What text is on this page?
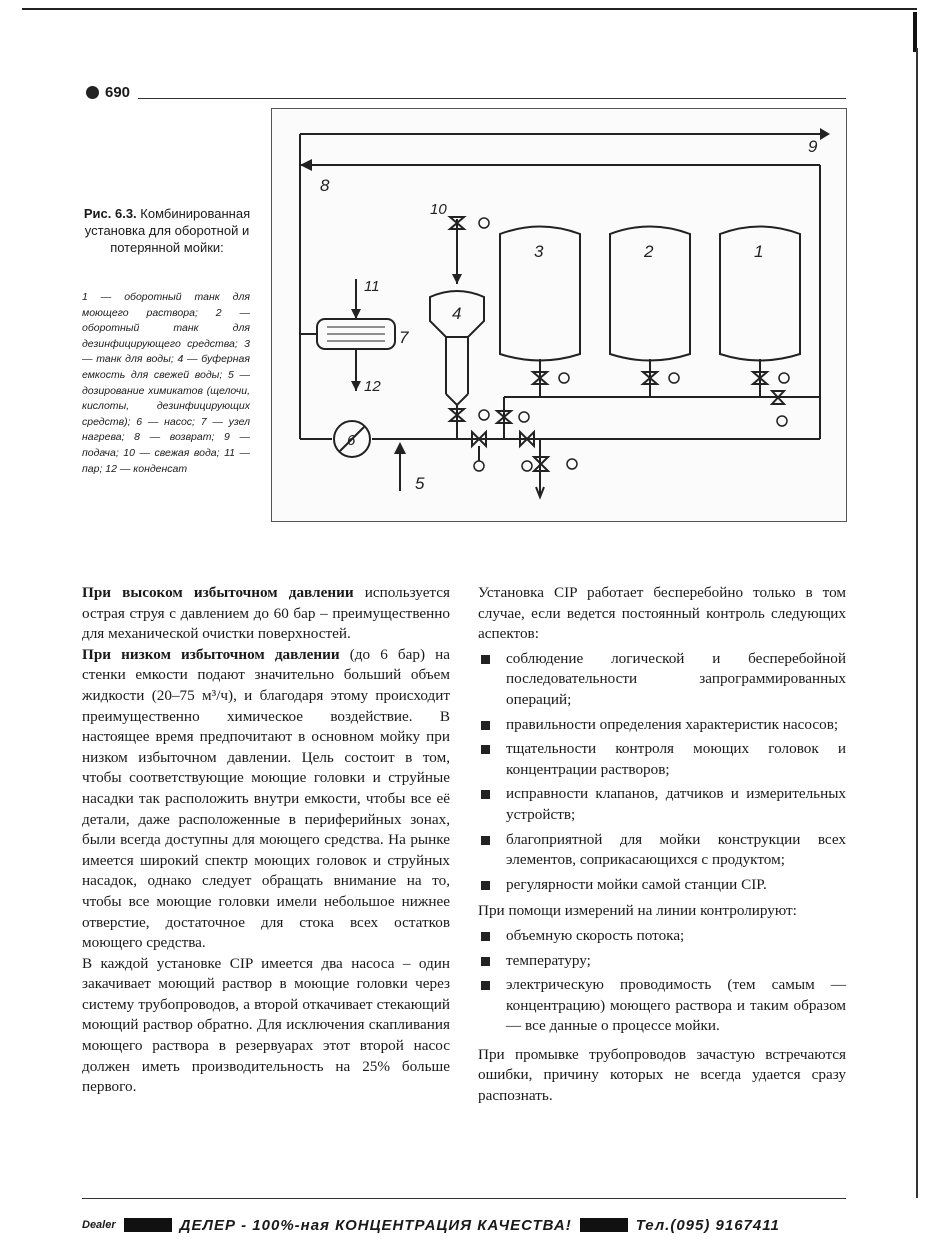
690
Рис. 6.3. Комбинированная установка для оборотной и потерянной мойки:
1 — оборотный танк для моющего раствора; 2 — оборотный танк для дезинфицирующего средства; 3 — танк для воды; 4 — буферная емкость для свежей воды; 5 — дозирование химикатов (щелочи, кислоты, дезинфицирующих средств); 6 — насос; 7 — узел нагрева; 8 — возврат; 9 — подача; 10 — свежая вода; 11 — пар; 12 — конденсат
9
8
10
3	2	1
4
11
7
12
6
5

При высоком избыточном давлении используется острая струя с давлением до 60 бар – преимущественно для механической очистки поверхностей.

При низком избыточном давлении (до 6 бар) на стенки емкости подают значительно больший объем жидкости (20–75 м³/ч), и благодаря этому происходит преимущественно химическое воздействие. В настоящее время предпочитают в основном мойку при низком избыточном давлении. Цель состоит в том, чтобы соответствующие моющие головки и струйные насадки так расположить внутри емкости, чтобы все её детали, даже расположенные в периферийных зонах, были всегда доступны для моющего средства. На рынке имеется широкий спектр моющих головок и струйных насадок, однако следует обращать внимание на то, чтобы все моющие головки имели небольшое нижнее отверстие, достаточное для стока всех остатков моющего средства.

В каждой установке CIP имеется два насоса – один закачивает моющий раствор в моющие головки через систему трубопроводов, а второй откачивает стекающий моющий раствор обратно. Для исключения скапливания моющего раствора в резервуарах этот второй насос должен иметь производительность на 25% больше первого.

Установка CIP работает бесперебойно только в том случае, если ведется постоянный контроль следующих аспектов:

соблюдение логической и бесперебойной последовательности запрограммированных операций;

правильности определения характеристик насосов;

тщательности контроля моющих головок и концентрации растворов;

исправности клапанов, датчиков и измерительных устройств;

благоприятной для мойки конструкции всех элементов, соприкасающихся с продуктом;

регулярности мойки самой станции CIP.

При помощи измерений на линии контролируют:

объемную скорость потока;

температуру;

электрическую проводимость (тем самым — концентрацию) моющего раствора и таким образом — все данные о процессе мойки.

При промывке трубопроводов зачастую встречаются ошибки, причину которых не всегда удается сразу распознать.

Dealer	ДЕЛЕР - 100%-ная КОНЦЕНТРАЦИЯ КАЧЕСТВА!	Тел.(095) 9167411
